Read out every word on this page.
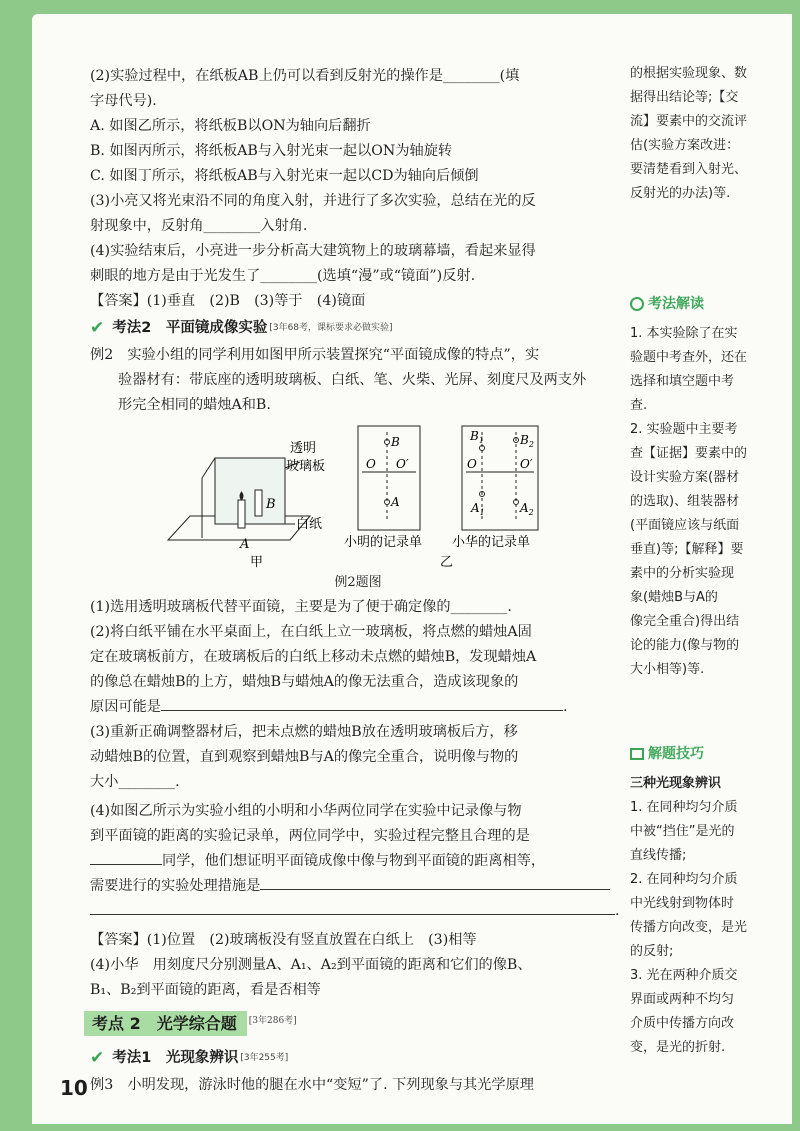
(2)实验过程中，在纸板AB上仍可以看到反射光的操作是________(填
字母代号).
A. 如图乙所示，将纸板B以ON为轴向后翻折
B. 如图丙所示，将纸板AB与入射光束一起以ON为轴旋转
C. 如图丁所示，将纸板AB与入射光束一起以CD为轴向后倾倒
(3)小亮又将光束沿不同的角度入射，并进行了多次实验，总结在光的反
射现象中，反射角________入射角.
(4)实验结束后，小亮进一步分析高大建筑物上的玻璃幕墙，看起来显得
刺眼的地方是由于光发生了________(选填“漫”或“镜面”)反射.
【答案】(1)垂直　(2)B　(3)等于　(4)镜面
✔ 考法2　平面镜成像实验 [3年68考，课标要求必做实验]
例2　实验小组的同学利用如图甲所示装置探究“平面镜成像的特点”，实
验器材有：带底座的透明玻璃板、白纸、笔、火柴、光屏、刻度尺及两支外
形完全相同的蜡烛A和B.
透明
玻璃板
白纸
A
B
甲
B
O O′
A
小明的记录单
$B_1$	$B_2$
O	O′
$A_1$	$A_2$
小华的记录单
乙
例2题图
(1)选用透明玻璃板代替平面镜，主要是为了便于确定像的________.
(2)将白纸平铺在水平桌面上，在白纸上立一玻璃板，将点燃的蜡烛A固
定在玻璃板前方，在玻璃板后的白纸上移动未点燃的蜡烛B，发现蜡烛A
的像总在蜡烛B的上方，蜡烛B与蜡烛A的像无法重合，造成该现象的
原因可能是	.
(3)重新正确调整器材后，把未点燃的蜡烛B放在透明玻璃板后方，移
动蜡烛B的位置，直到观察到蜡烛B与A的像完全重合，说明像与物的
大小________.
(4)如图乙所示为实验小组的小明和小华两位同学在实验中记录像与物
到平面镜的距离的实验记录单，两位同学中，实验过程完整且合理的是
同学，他们想证明平面镜成像中像与物到平面镜的距离相等，
需要进行的实验处理措施是
.
【答案】(1)位置　(2)玻璃板没有竖直放置在白纸上　(3)相等
(4)小华　用刻度尺分别测量A、A₁、A₂到平面镜的距离和它们的像B、
B₁、B₂到平面镜的距离，看是否相等
考点 2　 光学综合题 [3年286考]
✔ 考法1　光现象辨识 [3年255考]
例3　小明发现，游泳时他的腿在水中“变短”了. 下列现象与其光学原理
的根据实验现象、数
据得出结论等;【交
流】要素中的交流评
估(实验方案改进：
要清楚看到入射光、
反射光的办法)等.
考法解读
1. 本实验除了在实
验题中考查外，还在
选择和填空题中考
查.
2. 实验题中主要考
查【证据】要素中的
设计实验方案(器材
的选取)、组装器材
(平面镜应该与纸面
垂直)等;【解释】要
素中的分析实验现
象(蜡烛B与A的
像完全重合)得出结
论的能力(像与物的
大小相等)等.
解题技巧
三种光现象辨识
1. 在同种均匀介质
中被“挡住”是光的
直线传播;
2. 在同种均匀介质
中光线射到物体时
传播方向改变，是光
的反射;
3. 光在两种介质交
界面或两种不均匀
介质中传播方向改
变，是光的折射.
10
